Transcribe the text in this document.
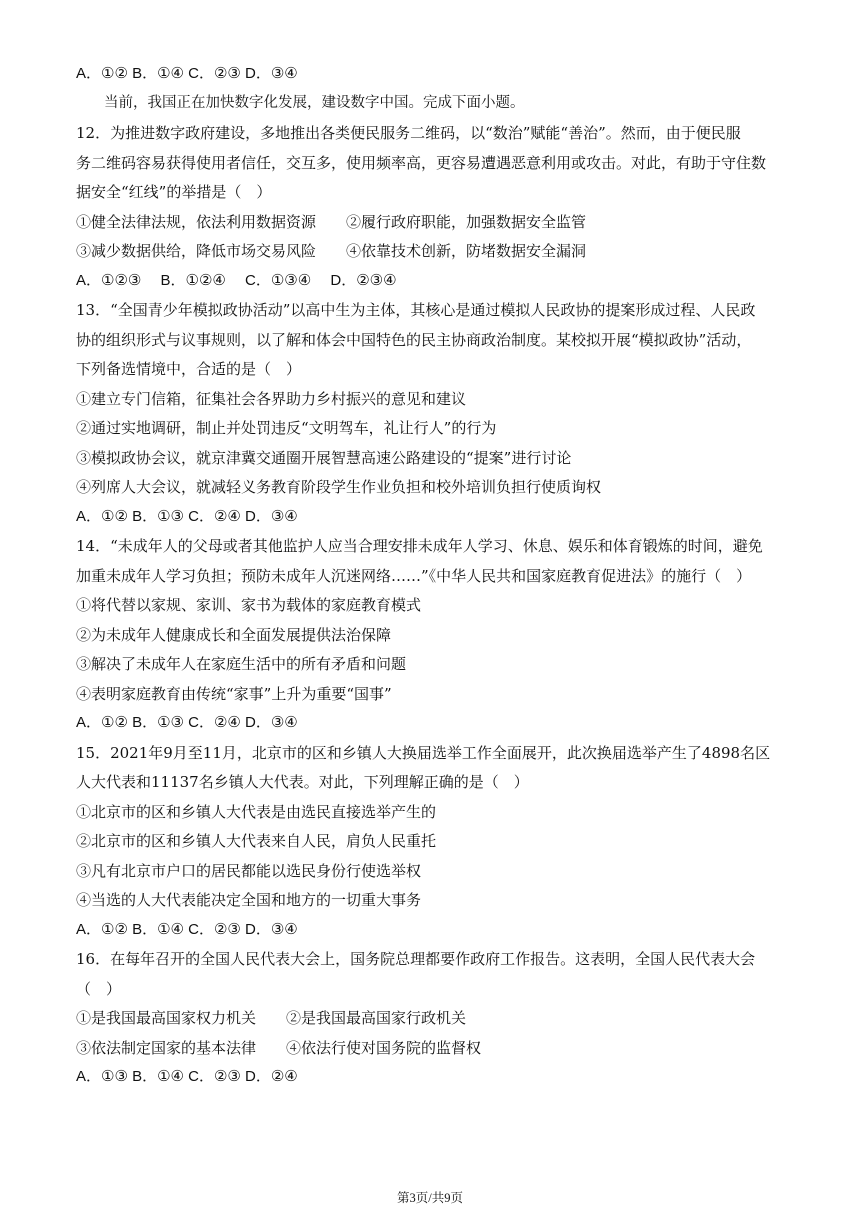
A．①② B．①④ C．②③ D．③④
当前，我国正在加快数字化发展，建设数字中国。完成下面小题。
12．为推进数字政府建设，多地推出各类便民服务二维码，以“数治”赋能“善治”。然而，由于便民服
务二维码容易获得使用者信任，交互多，使用频率高，更容易遭遇恶意利用或攻击。对此，有助于守住数
据安全“红线”的举措是（　）
①健全法律法规，依法利用数据资源　　②履行政府职能，加强数据安全监管
③减少数据供给，降低市场交易风险　　④依靠技术创新，防堵数据安全漏洞
A．①②③　 B．①②④　 C．①③④　 D．②③④
13．“全国青少年模拟政协活动”以高中生为主体，其核心是通过模拟人民政协的提案形成过程、人民政
协的组织形式与议事规则，以了解和体会中国特色的民主协商政治制度。某校拟开展“模拟政协”活动，
下列备选情境中，合适的是（　）
①建立专门信箱，征集社会各界助力乡村振兴的意见和建议
②通过实地调研，制止并处罚违反“文明驾车，礼让行人”的行为
③模拟政协会议，就京津冀交通圈开展智慧高速公路建设的“提案”进行讨论
④列席人大会议，就减轻义务教育阶段学生作业负担和校外培训负担行使质询权
A．①② B．①③ C．②④ D．③④
14．“未成年人的父母或者其他监护人应当合理安排未成年人学习、休息、娱乐和体育锻炼的时间，避免
加重未成年人学习负担；预防未成年人沉迷网络……”《中华人民共和国家庭教育促进法》的施行（　）
①将代替以家规、家训、家书为载体的家庭教育模式
②为未成年人健康成长和全面发展提供法治保障
③解决了未成年人在家庭生活中的所有矛盾和问题
④表明家庭教育由传统“家事”上升为重要“国事”
A．①② B．①③ C．②④ D．③④
15．2021年9月至11月，北京市的区和乡镇人大换届选举工作全面展开，此次换届选举产生了4898名区
人大代表和11137名乡镇人大代表。对此，下列理解正确的是（　）
①北京市的区和乡镇人大代表是由选民直接选举产生的
②北京市的区和乡镇人大代表来自人民，肩负人民重托
③凡有北京市户口的居民都能以选民身份行使选举权
④当选的人大代表能决定全国和地方的一切重大事务
A．①② B．①④ C．②③ D．③④
16．在每年召开的全国人民代表大会上，国务院总理都要作政府工作报告。这表明，全国人民代表大会
（　）
①是我国最高国家权力机关　　②是我国最高国家行政机关
③依法制定国家的基本法律　　④依法行使对国务院的监督权
A．①③ B．①④ C．②③ D．②④
第3页/共9页
